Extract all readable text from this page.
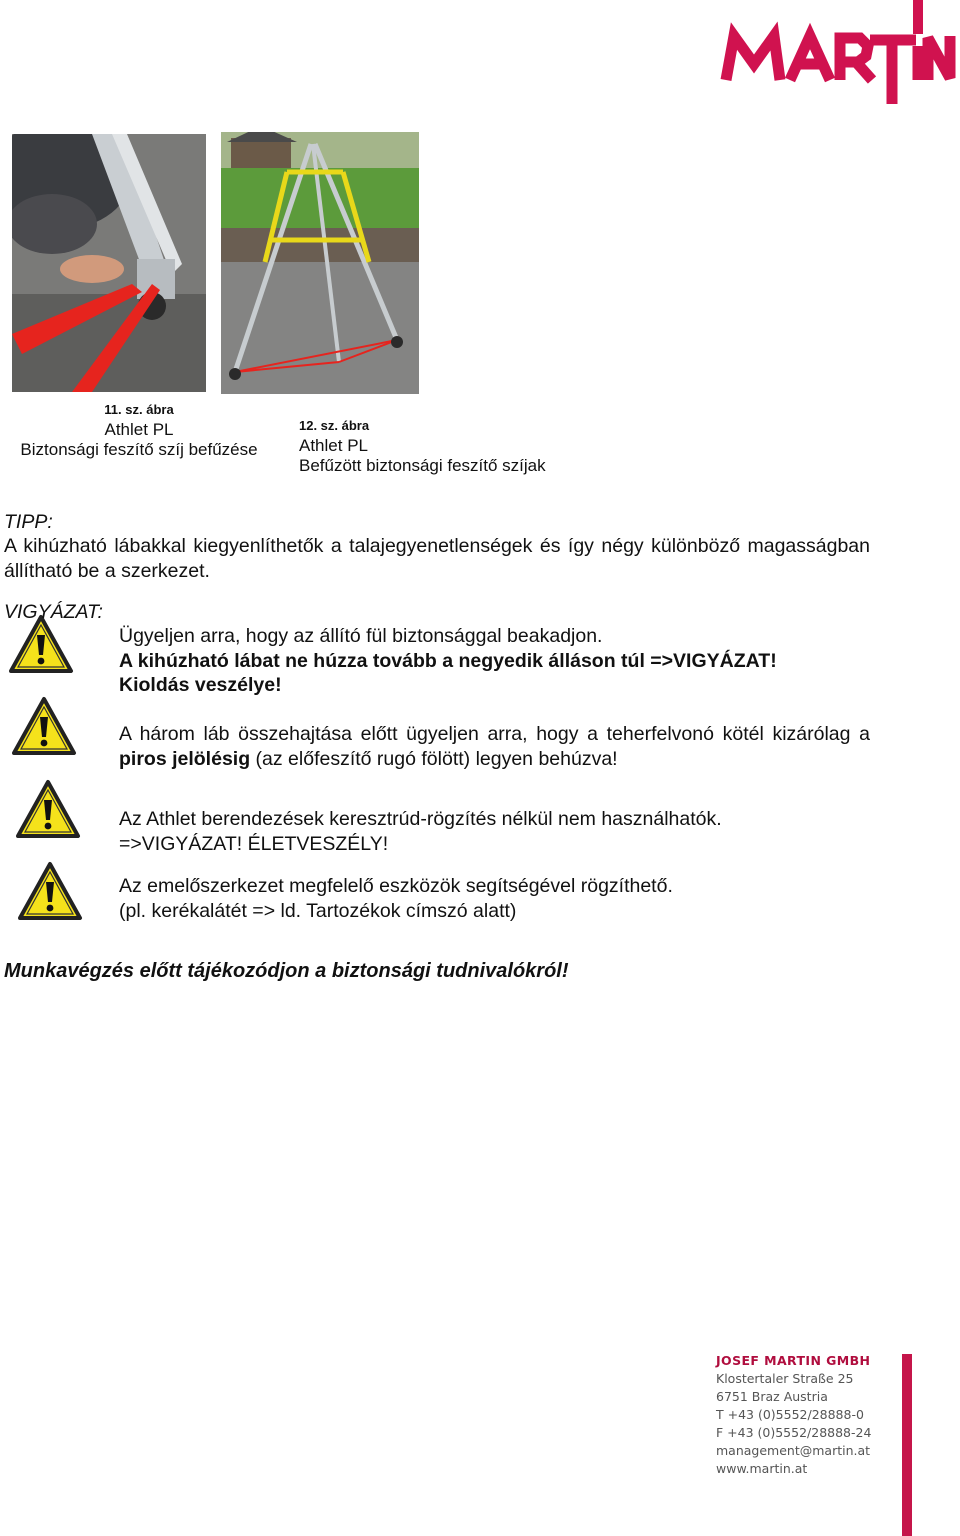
11. sz. ábra
Athlet PL
Biztonsági feszítő szíj befűzése
12. sz. ábra
Athlet PL
Befűzött biztonsági feszítő szíjak
TIPP:
A kihúzható lábakkal kiegyenlíthetők a talajegyenetlenségek és így négy különböző magasságban állítható be a szerkezet.
VIGYÁZAT:
Ügyeljen arra, hogy az állító fül biztonsággal beakadjon.
A kihúzható lábat ne húzza tovább a negyedik álláson túl =>VIGYÁZAT!
Kioldás veszélye!
A három láb összehajtása előtt ügyeljen arra, hogy a teherfelvonó kötél kizárólag a piros jelölésig (az előfeszítő rugó fölött) legyen behúzva!
Az Athlet berendezések keresztrúd-rögzítés nélkül nem használhatók.
=>VIGYÁZAT! ÉLETVESZÉLY!
Az emelőszerkezet megfelelő eszközök segítségével rögzíthető.
(pl. kerékalátét => ld. Tartozékok címszó alatt)
Munkavégzés előtt tájékozódjon a biztonsági tudnivalókról!
JOSEF MARTIN GMBH
Klostertaler Straße 25
6751 Braz Austria
T +43 (0)5552/28888-0
F +43 (0)5552/28888-24
management@martin.at
www.martin.at
